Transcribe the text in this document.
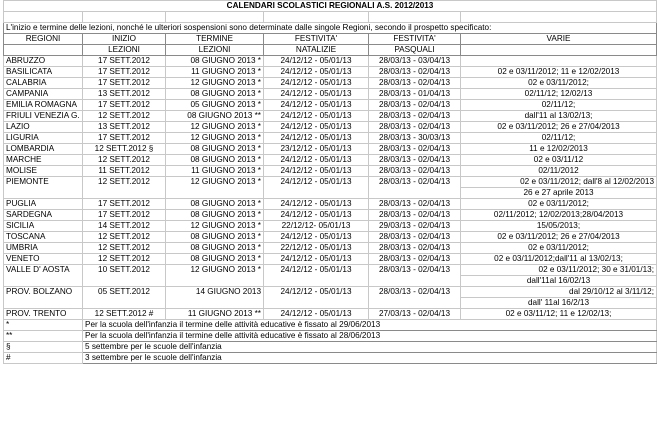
CALENDARI SCOLASTICI REGIONALI A.S. 2012/2013					

L'inizio e termine delle lezioni, nonché le ulteriori sospensioni sono determinate dalle singole Regioni, secondo il prospetto specificato:					
REGIONI	INIZIO	TERMINE	FESTIVITA'	FESTIVITA'	VARIE
	LEZIONI	LEZIONI	NATALIZIE	PASQUALI	
ABRUZZO	17 SETT.2012	08 GIUGNO 2013 *	24/12/12 - 05/01/13	28/03/13 - 03/04/13	
BASILICATA	17 SETT.2012	11 GIUGNO 2013 *	24/12/12 - 05/01/13	28/03/13 - 02/04/13	02 e 03/11/2012; 11 e 12/02/2013
CALABRIA	17 SETT.2012	12 GIUGNO 2013 *	24/12/12 - 05/01/13	28/03/13 - 02/04/13	02 e 03/11/2012;
CAMPANIA	13 SETT.2012	08 GIUGNO 2013 *	24/12/12 - 05/01/13	28/03/13 - 01/04/13	02/11/12; 12/02/13
EMILIA ROMAGNA	17 SETT.2012	05 GIUGNO 2013 *	24/12/12 - 05/01/13	28/03/13 - 02/04/13	02/11/12;
FRIULI VENEZIA G.	12 SETT.2012	08 GIUGNO 2013 **	24/12/12 - 05/01/13	28/03/13 - 02/04/13	dall'11 al 13/02/13;
LAZIO	13 SETT.2012	12 GIUGNO 2013 *	24/12/12 - 05/01/13	28/03/13 - 02/04/13	02 e 03/11/2012; 26 e 27/04/2013
LIGURIA	17 SETT.2012	12 GIUGNO 2013 *	24/12/12 - 05/01/13	28/03/13 - 30/03/13	02/11/12;
LOMBARDIA	12 SETT.2012 §	08 GIUGNO 2013 *	23/12/12 - 05/01/13	28/03/13 - 02/04/13	11 e 12/02/2013
MARCHE	12 SETT.2012	08 GIUGNO 2013 *	24/12/12 - 05/01/13	28/03/13 - 02/04/13	02 e 03/11/12
MOLISE	11 SETT.2012	11 GIUGNO 2013 *	24/12/12 - 05/01/13	28/03/13 - 02/04/13	02/11/2012
PIEMONTE	12 SETT.2012	12 GIUGNO 2013 *	24/12/12 - 05/01/13	28/03/13 - 02/04/13	02 e 03/11/2012; dall'8 al 12/02/2013
					26 e 27 aprile 2013
PUGLIA	17 SETT.2012	08 GIUGNO 2013 *	24/12/12 - 05/01/13	28/03/13 - 02/04/13	02 e 03/11/2012;
SARDEGNA	17 SETT.2012	08 GIUGNO 2013 *	24/12/12 - 05/01/13	28/03/13 - 02/04/13	02/11/2012; 12/02/2013;28/04/2013
SICILIA	14 SETT.2012	12 GIUGNO 2013 *	22/12/12- 05/01/13	29/03/13 - 02/04/13	15/05/2013;
TOSCANA	12 SETT.2012	08 GIUGNO 2013 *	24/12/12 - 05/01/13	28/03/13 - 02/04/13	02 e 03/11/2012; 26 e 27/04/2013
UMBRIA	12 SETT.2012	08 GIUGNO 2013 *	22/12/12 - 05/01/13	28/03/13 - 02/04/13	02 e 03/11/2012;
VENETO	12 SETT.2012	08 GIUGNO 2013 *	24/12/12 - 05/01/13	28/03/13 - 02/04/13	02 e 03/11/2012;dall'11 al 13/02/13;
VALLE D' AOSTA	10 SETT.2012	12 GIUGNO 2013 *	24/12/12 - 05/01/13	28/03/13 - 02/04/13	02 e 03/11/2012; 30 e 31/01/13;
					dall'11al 16/02/13
PROV. BOLZANO	05 SETT.2012	14 GIUGNO 2013	24/12/12 - 05/01/13	28/03/13 - 02/04/13	dal 29/10/12 al 3/11/12;
					dall' 11al 16/2/13
PROV. TRENTO	12 SETT.2012 #	11 GIUGNO 2013 **	24/12/12 - 05/01/13	27/03/13 - 02/04/13	02 e 03/11/12; 11 e 12/02/13;
*	Per la scuola dell'infanzia il termine delle attività educative è fissato al 29/06/2013				
**	Per la scuola dell'infanzia il termine delle attività educative è fissato al 28/06/2013				
§	5 settembre per le scuole dell'infanzia				
#	3 settembre per le scuole dell'infanzia				
